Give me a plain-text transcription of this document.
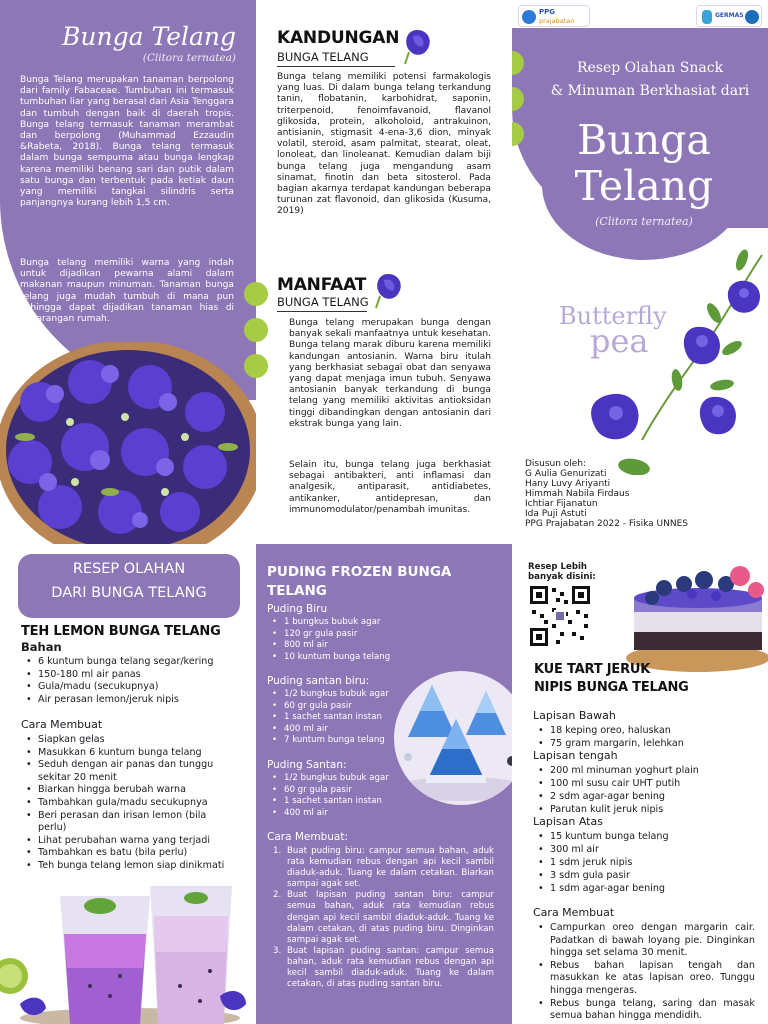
Bunga Telang
(Clitora ternatea)
Bunga Telang merupakan tanaman berpolong dari family Fabaceae. Tumbuhan ini termasuk tumbuhan liar yang berasal dari Asia Tenggara dan tumbuh dengan baik di daerah tropis. Bunga telang termasuk tanaman merambat dan berpolong (Muhammad Ezzaudin &Rabeta, 2018). Bunga telang termasuk dalam bunga sempurna atau bunga lengkap karena memiliki benang sari dan putik dalam satu bunga dan terbentuk pada ketiak daun yang memiliki tangkai silindris serta panjangnya kurang lebih 1,5 cm.
Bunga telang memiliki warna yang indah untuk dijadikan pewarna alami dalam makanan maupun minuman. Tanaman bunga telang juga mudah tumbuh di mana pun sehingga dapat dijadikan tanaman hias di pekarangan rumah.
KANDUNGAN
BUNGA TELANG
Bunga telang memiliki potensi farmakologis yang luas. Di dalam bunga telang terkandung tanin, flobatanin, karbohidrat, saponin, triterpenoid, fenoimfavanoid, flavanol glikosida, protein, alkoholoid, antrakuinon, antisianin, stigmasit 4-ena-3,6 dion, minyak volatil, steroid, asam palmitat, stearat, oleat, lonoleat, dan linoleanat. Kemudian dalam biji bunga telang juga mengandung asam sinamat, finotin dan beta sitosterol. Pada bagian akarnya terdapat kandungan beberapa turunan zat flavonoid, dan glikosida (Kusuma, 2019)
MANFAAT
BUNGA TELANG
Bunga telang merupakan bunga dengan banyak sekali manfaatnya untuk kesehatan. Bunga telang marak diburu karena memiliki kandungan antosianin. Warna biru itulah yang berkhasiat sebagai obat dan senyawa yang dapat menjaga imun tubuh. Senyawa antosianin banyak terkandung di bunga telang yang memiliki aktivitas antioksidan tinggi dibandingkan dengan antosianin dari ekstrak bunga yang lain.
Selain itu, bunga telang juga berkhasiat sebagai antibakteri, anti inflamasi dan analgesik, antiparasit, antidiabetes, antikanker, antidepresan, dan immunomodulator/penambah imunitas.
PPG
prajabatan
GERMAS
Resep Olahan Snack
& Minuman Berkhasiat dari
Bunga
Telang
(Clitora ternatea)
Butterfly
pea
Disusun oleh:
G Aulia Genurizati
Hany Luvy Ariyanti
Himmah Nabila Firdaus
Ichtiar Fijanatun
Ida Puji Astuti
PPG Prajabatan 2022 - Fisika UNNES
RESEP OLAHAN
DARI BUNGA TELANG
TEH LEMON BUNGA TELANG
Bahan
• 6 kuntum bunga telang segar/kering
• 150-180 ml air panas
• Gula/madu (secukupnya)
• Air perasan lemon/jeruk nipis
Cara Membuat
• Siapkan gelas
• Masukkan 6 kuntum bunga telang
• Seduh dengan air panas dan tunggu sekitar 20 menit
• Biarkan hingga berubah warna
• Tambahkan gula/madu secukupnya
• Beri perasan dan irisan lemon (bila perlu)
• Lihat perubahan warna yang terjadi
• Tambahkan es batu (bila perlu)
• Teh bunga telang lemon siap dinikmati
PUDING FROZEN BUNGA
TELANG
Puding Biru
• 1 bungkus bubuk agar
• 120 gr gula pasir
• 800 ml air
• 10 kuntum bunga telang
Puding santan biru:
• 1/2 bungkus bubuk agar
• 60 gr gula pasir
• 1 sachet santan instan
• 400 ml air
• 7 kuntum bunga telang
Puding Santan:
• 1/2 bungkus bubuk agar
• 60 gr gula pasir
• 1 sachet santan instan
• 400 ml air
Cara Membuat:
1. Buat puding biru: campur semua bahan, aduk rata kemudian rebus dengan api kecil sambil diaduk-aduk. Tuang ke dalam cetakan. Biarkan sampai agak set.
2. Buat lapisan puding santan biru: campur semua bahan, aduk rata kemudian rebus dengan api kecil sambil diaduk-aduk. Tuang ke dalam cetakan, di atas puding biru. Dinginkan sampai agak set.
3. Buat lapisan puding santan: campur semua bahan, aduk rata kemudian rebus dengan api kecil sambil diaduk-aduk. Tuang ke dalam cetakan, di atas puding santan biru.
Resep Lebih
banyak disini:
KUE TART JERUK
NIPIS BUNGA TELANG
Lapisan Bawah
• 18 keping oreo, haluskan
• 75 gram margarin, lelehkan
Lapisan tengah
• 200 ml minuman yoghurt plain
• 100 ml susu cair UHT putih
• 2 sdm agar-agar bening
• Parutan kulit jeruk nipis
Lapisan Atas
• 15 kuntum bunga telang
• 300 ml air
• 1 sdm jeruk nipis
• 3 sdm gula pasir
• 1 sdm agar-agar bening
Cara Membuat
• Campurkan oreo dengan margarin cair. Padatkan di bawah loyang pie. Dinginkan hingga set selama 30 menit.
• Rebus bahan lapisan tengah dan masukkan ke atas lapisan oreo. Tunggu hingga mengeras.
• Rebus bunga telang, saring dan masak semua bahan hingga mendidih.
